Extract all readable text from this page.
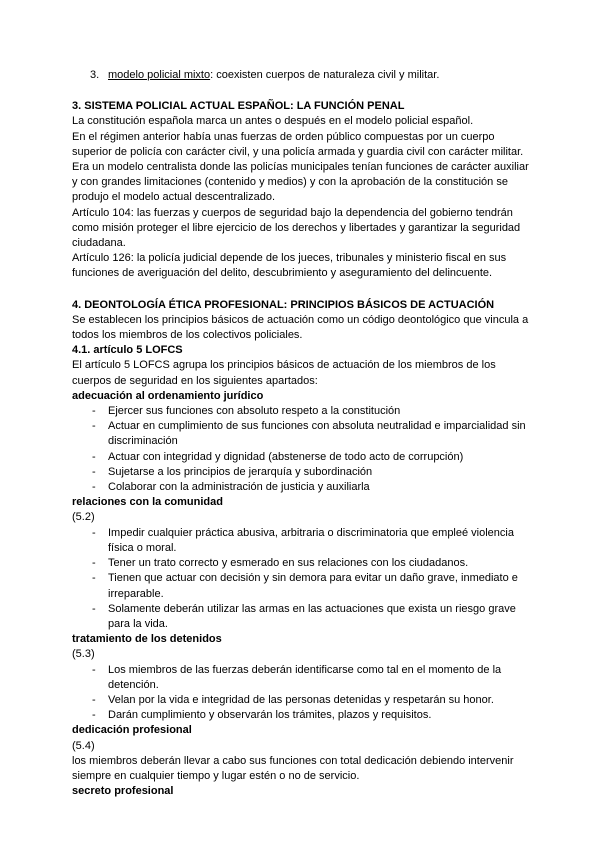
3. modelo policial mixto: coexisten cuerpos de naturaleza civil y militar.

3. SISTEMA POLICIAL ACTUAL ESPAÑOL: LA FUNCIÓN PENAL

La constitución española marca un antes o después en el modelo policial español.

En el régimen anterior había unas fuerzas de orden público compuestas por un cuerpo superior de policía con carácter civil, y una policía armada y guardia civil con carácter militar.

Era un modelo centralista donde las policías municipales tenían funciones de carácter auxiliar y con grandes limitaciones (contenido y medios) y con la aprobación de la constitución se produjo el modelo actual descentralizado.

Artículo 104: las fuerzas y cuerpos de seguridad bajo la dependencia del gobierno tendrán como misión proteger el libre ejercicio de los derechos y libertades y garantizar la seguridad ciudadana.

Artículo 126: la policía judicial depende de los jueces, tribunales y ministerio fiscal en sus funciones de averiguación del delito, descubrimiento y aseguramiento del delincuente.

4. DEONTOLOGÍA ÉTICA PROFESIONAL: PRINCIPIOS BÁSICOS DE ACTUACIÓN

Se establecen los principios básicos de actuación como un código deontológico que vincula a todos los miembros de los colectivos policiales.

4.1. artículo 5 LOFCS

El artículo 5 LOFCS agrupa los principios básicos de actuación de los miembros de los cuerpos de seguridad en los siguientes apartados:

adecuación al ordenamiento jurídico

- Ejercer sus funciones con absoluto respeto a la constitución
- Actuar en cumplimiento de sus funciones con absoluta neutralidad e imparcialidad sin discriminación
- Actuar con integridad y dignidad (abstenerse de todo acto de corrupción)
- Sujetarse a los principios de jerarquía y subordinación
- Colaborar con la administración de justicia y auxiliarla

relaciones con la comunidad

(5.2)

- Impedir cualquier práctica abusiva, arbitraria o discriminatoria que empleé violencia física o moral.
- Tener un trato correcto y esmerado en sus relaciones con los ciudadanos.
- Tienen que actuar con decisión y sin demora para evitar un daño grave, inmediato e irreparable.
- Solamente deberán utilizar las armas en las actuaciones que exista un riesgo grave para la vida.

tratamiento de los detenidos

(5.3)

- Los miembros de las fuerzas deberán identificarse como tal en el momento de la detención.
- Velan por la vida e integridad de las personas detenidas y respetarán su honor.
- Darán cumplimiento y observarán los trámites, plazos y requisitos.

dedicación profesional

(5.4)

los miembros deberán llevar a cabo sus funciones con total dedicación debiendo intervenir siempre en cualquier tiempo y lugar estén o no de servicio.

secreto profesional
